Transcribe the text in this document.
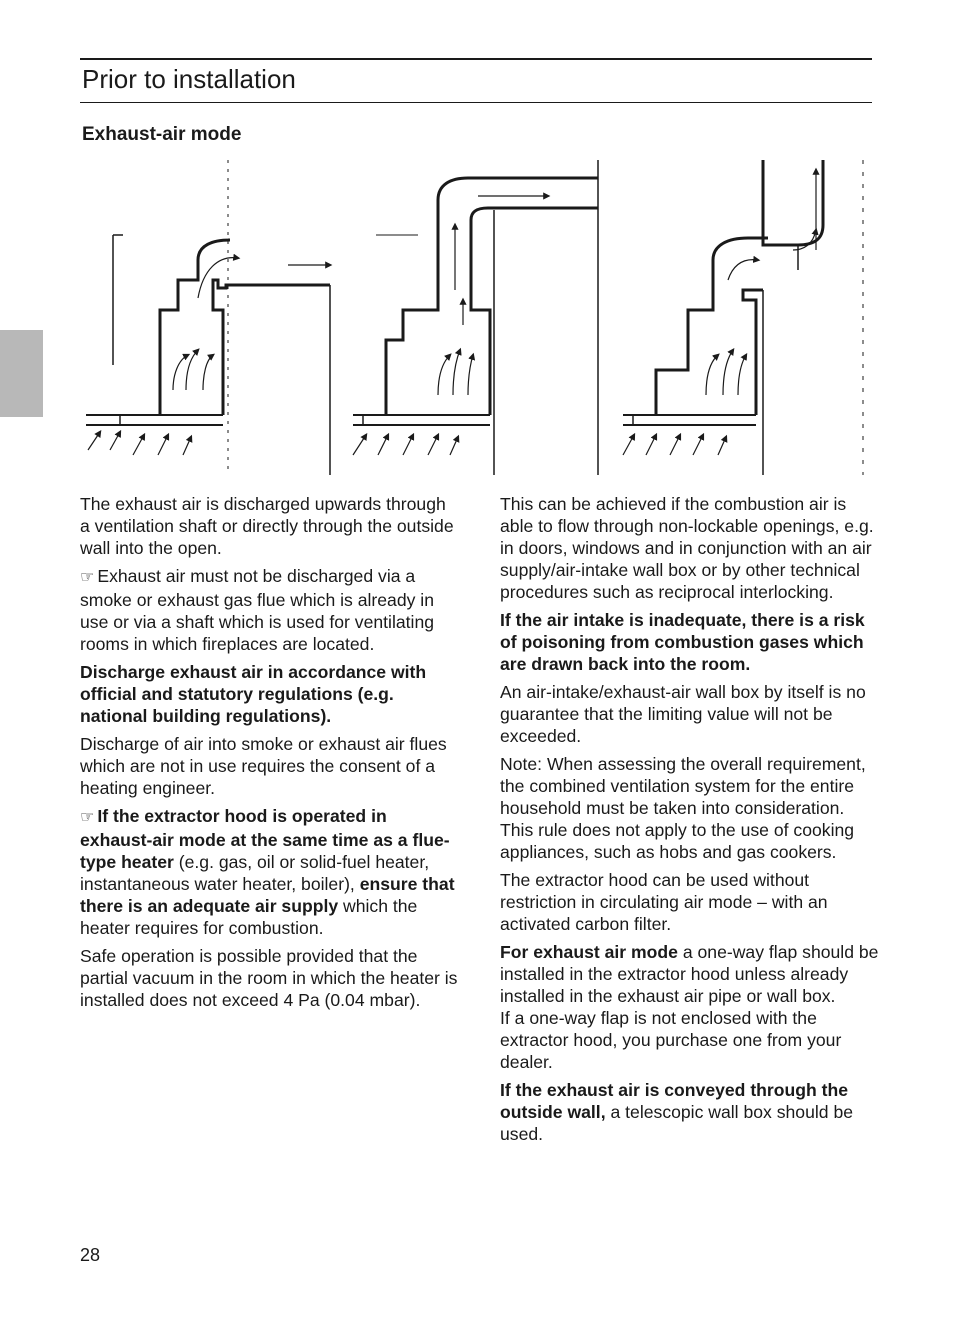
Prior to installation
Exhaust-air mode

The exhaust air is discharged upwards through a ventilation shaft or directly through the outside wall into the open.

☞ Exhaust air must not be discharged via a smoke or exhaust gas flue which is already in use or via a shaft which is used for ventilating rooms in which fireplaces are located.

Discharge exhaust air in accordance with official and statutory regulations (e.g. national building regulations).

Discharge of air into smoke or exhaust air flues which are not in use requires the consent of a heating engineer.

☞ If the extractor hood is operated in exhaust-air mode at the same time as a flue-type heater (e.g. gas, oil or solid-fuel heater, instantaneous water heater, boiler), ensure that there is an adequate air supply which the heater requires for combustion.

Safe operation is possible provided that the partial vacuum in the room in which the heater is installed does not exceed 4 Pa (0.04 mbar).

This can be achieved if the combustion air is able to flow through non-lockable openings, e.g. in doors, windows and in conjunction with an air supply/air-intake wall box or by other technical procedures such as reciprocal interlocking.

If the air intake is inadequate, there is a risk of poisoning from combustion gases which are drawn back into the room.

An air-intake/exhaust-air wall box by itself is no guarantee that the limiting value will not be exceeded.

Note: When assessing the overall requirement, the combined ventilation system for the entire household must be taken into consideration. This rule does not apply to the use of cooking appliances, such as hobs and gas cookers.

The extractor hood can be used without restriction in circulating air mode – with an activated carbon filter.

For exhaust air mode a one-way flap should be installed in the extractor hood unless already installed in the exhaust air pipe or wall box.
If a one-way flap is not enclosed with the extractor hood, you purchase one from your dealer.

If the exhaust air is conveyed through the outside wall, a telescopic wall box should be used.

28
